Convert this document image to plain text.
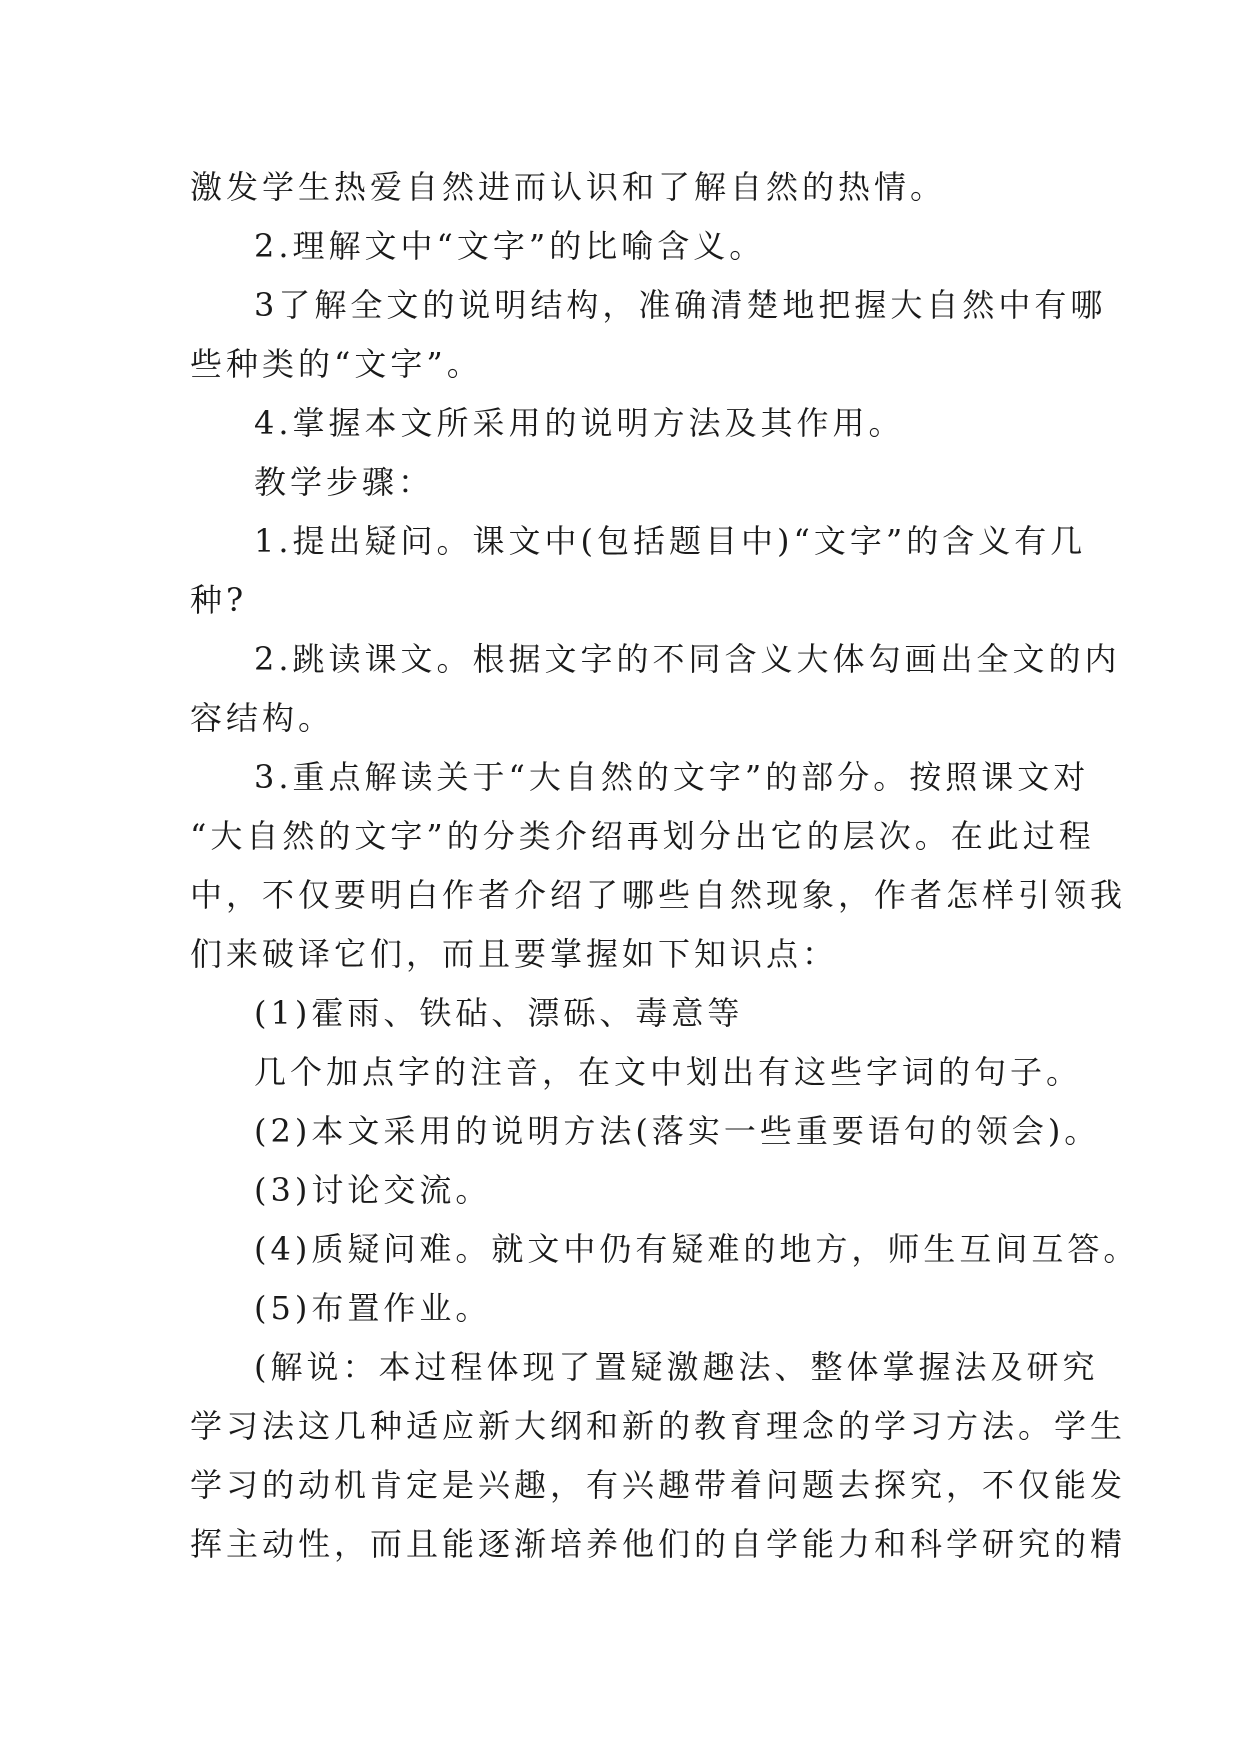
激发学生热爱自然进而认识和了解自然的热情。
2.理解文中“文字”的比喻含义。
3了解全文的说明结构，准确清楚地把握大自然中有哪
些种类的“文字”。
4.掌握本文所采用的说明方法及其作用。
教学步骤：
1.提出疑问。课文中(包括题目中)“文字”的含义有几
种?
2.跳读课文。根据文字的不同含义大体勾画出全文的内
容结构。
3.重点解读关于“大自然的文字”的部分。按照课文对
“大自然的文字”的分类介绍再划分出它的层次。在此过程
中，不仅要明白作者介绍了哪些自然现象，作者怎样引领我
们来破译它们，而且要掌握如下知识点：
(1)霍雨、铁砧、漂砾、毒意等
几个加点字的注音，在文中划出有这些字词的句子。
(2)本文采用的说明方法(落实一些重要语句的领会)。
(3)讨论交流。
(4)质疑问难。就文中仍有疑难的地方，师生互间互答。
(5)布置作业。
(解说：本过程体现了置疑激趣法、整体掌握法及研究
学习法这几种适应新大纲和新的教育理念的学习方法。学生
学习的动机肯定是兴趣，有兴趣带着问题去探究，不仅能发
挥主动性，而且能逐渐培养他们的自学能力和科学研究的精
